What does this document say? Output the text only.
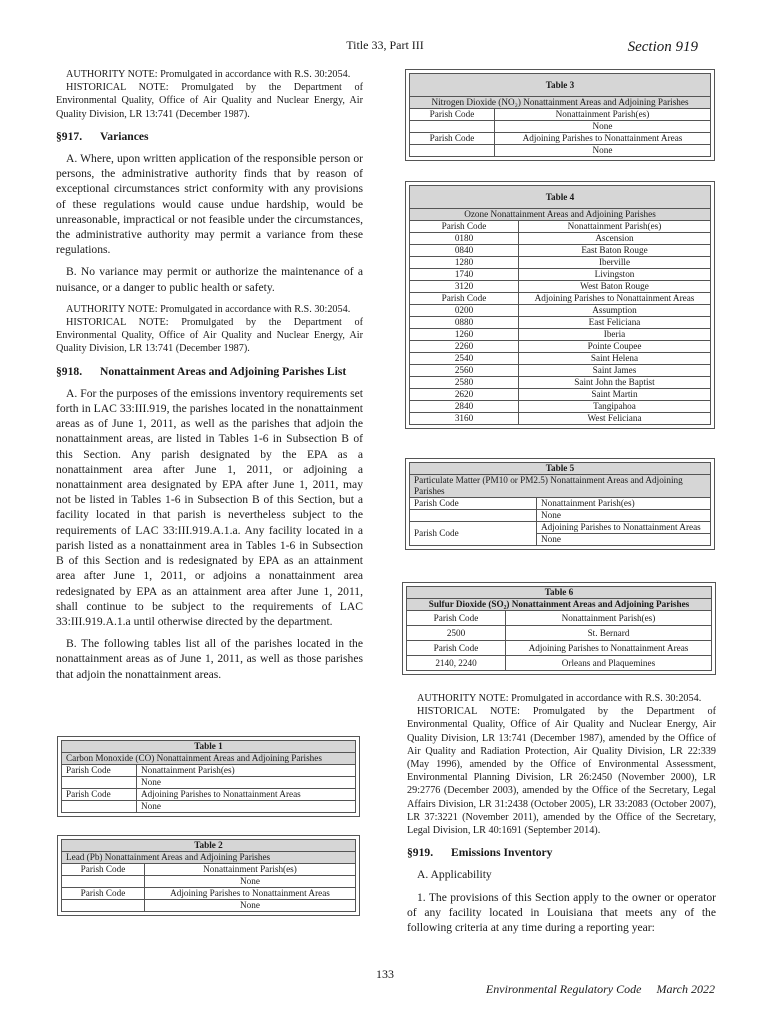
Title 33, Part III	Section 919

AUTHORITY NOTE: Promulgated in accordance with R.S. 30:2054.

HISTORICAL NOTE: Promulgated by the Department of Environmental Quality, Office of Air Quality and Nuclear Energy, Air Quality Division, LR 13:741 (December 1987).

§917.	Variances

A. Where, upon written application of the responsible person or persons, the administrative authority finds that by reason of exceptional circumstances strict conformity with any provisions of these regulations would cause undue hardship, would be unreasonable, impractical or not feasible under the circumstances, the administrative authority may permit a variance from these regulations.

B. No variance may permit or authorize the maintenance of a nuisance, or a danger to public health or safety.

AUTHORITY NOTE: Promulgated in accordance with R.S. 30:2054.

HISTORICAL NOTE: Promulgated by the Department of Environmental Quality, Office of Air Quality and Nuclear Energy, Air Quality Division, LR 13:741 (December 1987).

§918.	Nonattainment Areas and Adjoining Parishes List

A. For the purposes of the emissions inventory requirements set forth in LAC 33:III.919, the parishes located in the nonattainment areas as of June 1, 2011, as well as the parishes that adjoin the nonattainment areas, are listed in Tables 1-6 in Subsection B of this Section. Any parish designated by the EPA as a nonattainment area after June 1, 2011, or adjoining a nonattainment area designated by EPA after June 1, 2011, may not be listed in Tables 1-6 in Subsection B of this Section, but a facility located in that parish is nevertheless subject to the requirements of LAC 33:III.919.A.1.a. Any facility located in a parish listed as a nonattainment area in Tables 1-6 in Subsection B of this Section and is redesignated by EPA as an attainment area after June 1, 2011, or adjoins a nonattainment area redesignated by EPA as an attainment area after June 1, 2011, shall continue to be subject to the requirements of LAC 33:III.919.A.1.a until otherwise directed by the department.

B. The following tables list all of the parishes located in the nonattainment areas as of June 1, 2011, as well as those parishes that adjoin the nonattainment areas.

Table 1	
Carbon Monoxide (CO) Nonattainment Areas and Adjoining Parishes	
Parish Code	Nonattainment Parish(es)
	None
Parish Code	Adjoining Parishes to Nonattainment Areas
	None
Table 2	
Lead (Pb) Nonattainment Areas and Adjoining Parishes	
Parish Code	Nonattainment Parish(es)
	None
Parish Code	Adjoining Parishes to Nonattainment Areas
	None
Table 3	
Nitrogen Dioxide (NO₂) Nonattainment Areas and Adjoining Parishes	
Parish Code	Nonattainment Parish(es)
	None
Parish Code	Adjoining Parishes to Nonattainment Areas
	None
Table 4	
Ozone Nonattainment Areas and Adjoining Parishes	
Parish Code	Nonattainment Parish(es)
0180	Ascension
0840	East Baton Rouge
1280	Iberville
1740	Livingston
3120	West Baton Rouge
Parish Code	Adjoining Parishes to Nonattainment Areas
0200	Assumption
0880	East Feliciana
1260	Iberia
2260	Pointe Coupee
2540	Saint Helena
2560	Saint James
2580	Saint John the Baptist
2620	Saint Martin
2840	Tangipahoa
3160	West Feliciana
Table 5	
Particulate Matter (PM10 or PM2.5) Nonattainment Areas and Adjoining Parishes	
Parish Code	Nonattainment Parish(es)
	None
Parish Code	Adjoining Parishes to Nonattainment Areas
	None
Table 6	
Sulfur Dioxide (SO₂) Nonattainment Areas and Adjoining Parishes	
Parish Code	Nonattainment Parish(es)
2500	St. Bernard
Parish Code	Adjoining Parishes to Nonattainment Areas
2140, 2240	Orleans and Plaquemines

AUTHORITY NOTE: Promulgated in accordance with R.S. 30:2054.

HISTORICAL NOTE: Promulgated by the Department of Environmental Quality, Office of Air Quality and Nuclear Energy, Air Quality Division, LR 13:741 (December 1987), amended by the Office of Air Quality and Radiation Protection, Air Quality Division, LR 22:339 (May 1996), amended by the Office of Environmental Assessment, Environmental Planning Division, LR 26:2450 (November 2000), LR 29:2776 (December 2003), amended by the Office of the Secretary, Legal Affairs Division, LR 31:2438 (October 2005), LR 33:2083 (October 2007), LR 37:3221 (November 2011), amended by the Office of the Secretary, Legal Division, LR 40:1691 (September 2014).

§919.	Emissions Inventory

A. Applicability

1. The provisions of this Section apply to the owner or operator of any facility located in Louisiana that meets any of the following criteria at any time during a reporting year:

133
Environmental Regulatory Code     March 2022
